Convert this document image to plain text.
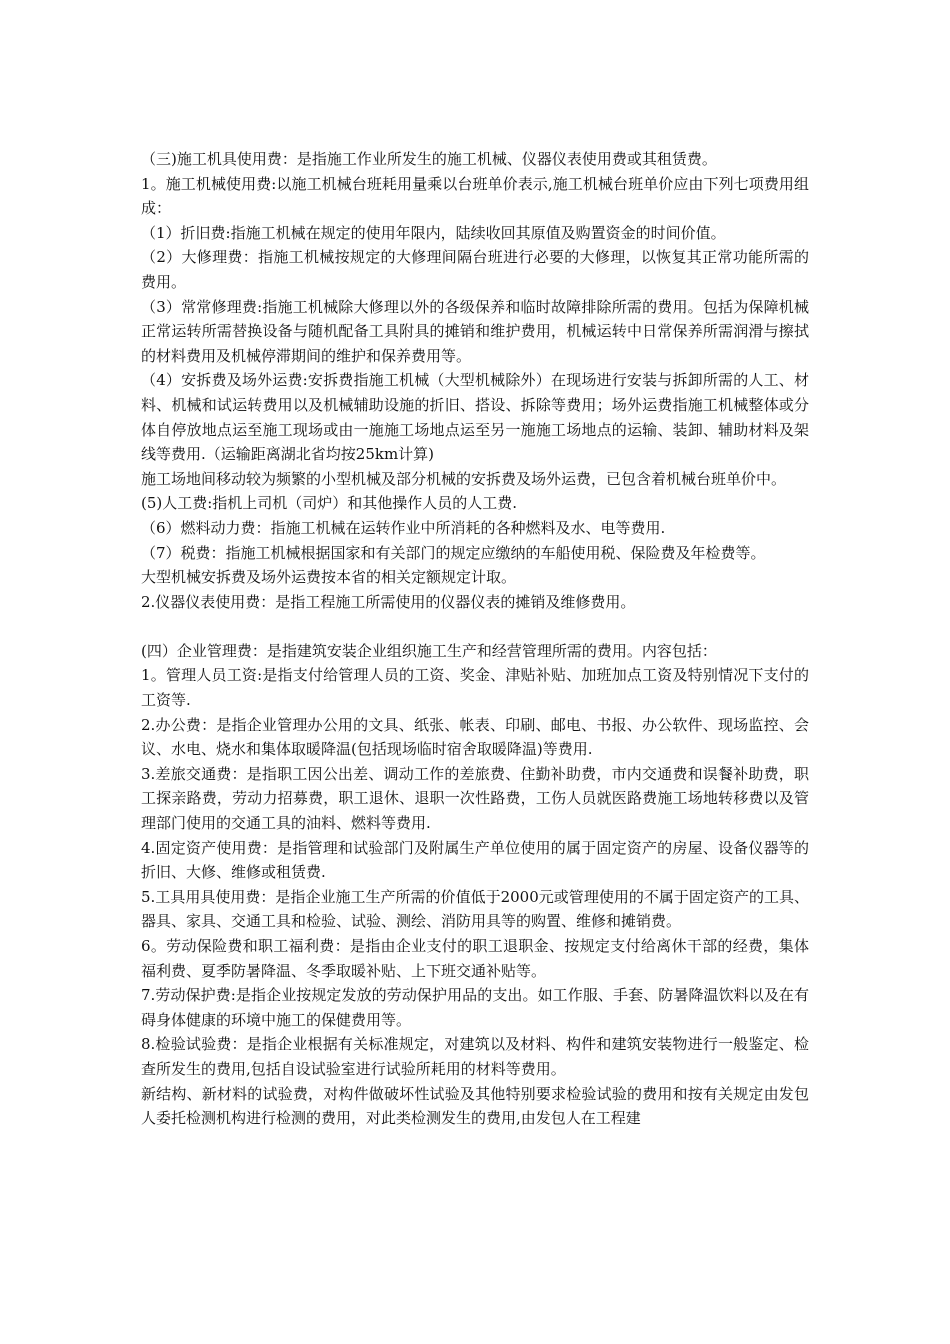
（三)施工机具使用费：是指施工作业所发生的施工机械、仪器仪表使用费或其租赁费。

1。施工机械使用费:以施工机械台班耗用量乘以台班单价表示,施工机械台班单价应由下列七项费用组成：

（1）折旧费:指施工机械在规定的使用年限内，陆续收回其原值及购置资金的时间价值。

（2）大修理费：指施工机械按规定的大修理间隔台班进行必要的大修理，以恢复其正常功能所需的费用。

（3）常常修理费:指施工机械除大修理以外的各级保养和临时故障排除所需的费用。包括为保障机械正常运转所需替换设备与随机配备工具附具的摊销和维护费用，机械运转中日常保养所需润滑与擦拭的材料费用及机械停滞期间的维护和保养费用等。

（4）安拆费及场外运费:安拆费指施工机械（大型机械除外）在现场进行安装与拆卸所需的人工、材料、机械和试运转费用以及机械辅助设施的折旧、搭设、拆除等费用；场外运费指施工机械整体或分体自停放地点运至施工现场或由一施施工场地点运至另一施施工场地点的运输、装卸、辅助材料及架线等费用.（运输距离湖北省均按25km计算)

施工场地间移动较为频繁的小型机械及部分机械的安拆费及场外运费，已包含着机械台班单价中。

(5)人工费:指机上司机（司炉）和其他操作人员的人工费.

（6）燃料动力费：指施工机械在运转作业中所消耗的各种燃料及水、电等费用.

（7）税费：指施工机械根据国家和有关部门的规定应缴纳的车船使用税、保险费及年检费等。

大型机械安拆费及场外运费按本省的相关定额规定计取。

2.仪器仪表使用费：是指工程施工所需使用的仪器仪表的摊销及维修费用。

(四）企业管理费：是指建筑安装企业组织施工生产和经营管理所需的费用。内容包括：

1。管理人员工资:是指支付给管理人员的工资、奖金、津贴补贴、加班加点工资及特别情况下支付的工资等.

2.办公费：是指企业管理办公用的文具、纸张、帐表、印刷、邮电、书报、办公软件、现场监控、会议、水电、烧水和集体取暖降温(包括现场临时宿舍取暖降温)等费用.

3.差旅交通费：是指职工因公出差、调动工作的差旅费、住勤补助费，市内交通费和误餐补助费，职工探亲路费，劳动力招募费，职工退休、退职一次性路费，工伤人员就医路费施工场地转移费以及管理部门使用的交通工具的油料、燃料等费用.

4.固定资产使用费：是指管理和试验部门及附属生产单位使用的属于固定资产的房屋、设备仪器等的折旧、大修、维修或租赁费.

5.工具用具使用费：是指企业施工生产所需的价值低于2000元或管理使用的不属于固定资产的工具、器具、家具、交通工具和检验、试验、测绘、消防用具等的购置、维修和摊销费。

6。劳动保险费和职工福利费：是指由企业支付的职工退职金、按规定支付给离休干部的经费，集体福利费、夏季防暑降温、冬季取暖补贴、上下班交通补贴等。

7.劳动保护费:是指企业按规定发放的劳动保护用品的支出。如工作服、手套、防暑降温饮料以及在有碍身体健康的环境中施工的保健费用等。

8.检验试验费：是指企业根据有关标准规定，对建筑以及材料、构件和建筑安装物进行一般鉴定、检查所发生的费用,包括自设试验室进行试验所耗用的材料等费用。

新结构、新材料的试验费，对构件做破坏性试验及其他特别要求检验试验的费用和按有关规定由发包人委托检测机构进行检测的费用，对此类检测发生的费用,由发包人在工程建
